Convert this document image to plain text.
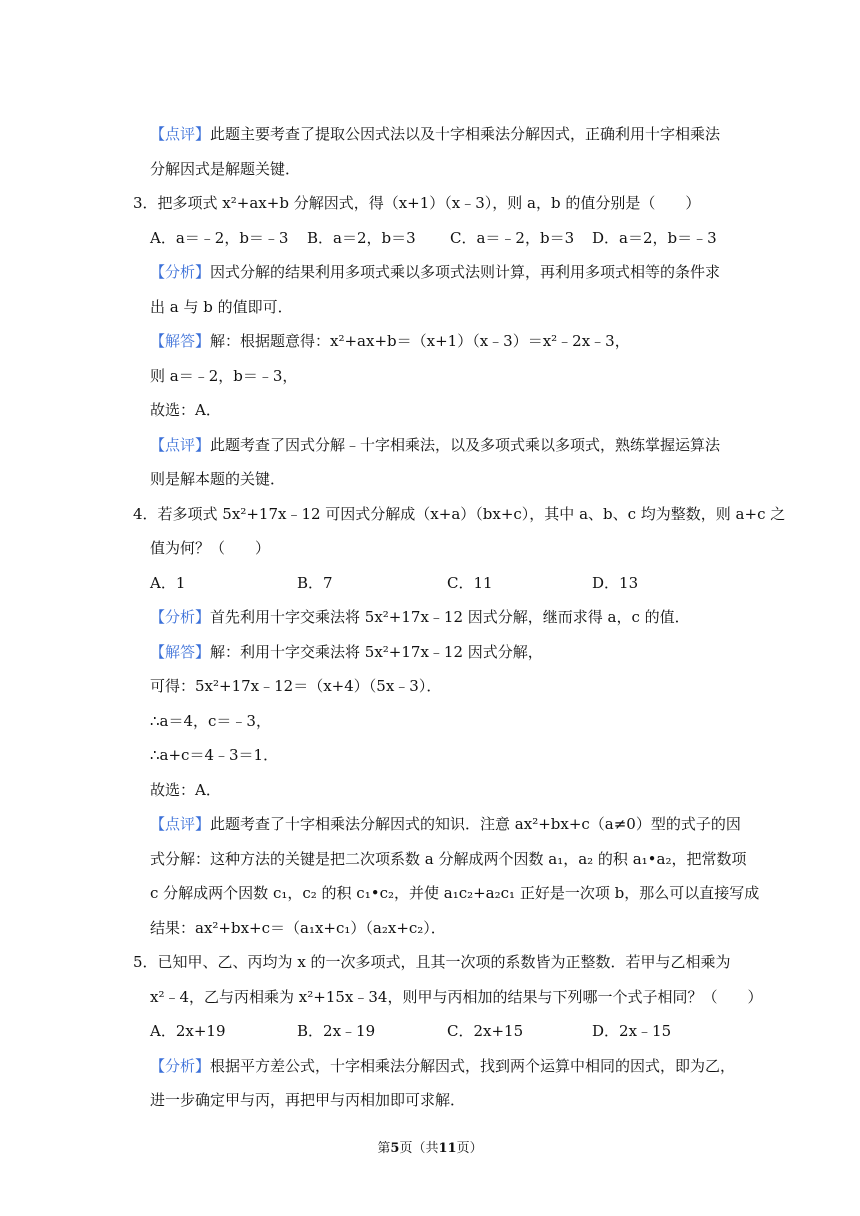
【点评】此题主要考查了提取公因式法以及十字相乘法分解因式，正确利用十字相乘法
分解因式是解题关键．
3．把多项式 x²+ax+b 分解因式，得（x+1）（x﹣3），则 a，b 的值分别是（　　）
A．a＝﹣2，b＝﹣3 B．a＝2，b＝3 C．a＝﹣2，b＝3 D．a＝2，b＝﹣3
【分析】因式分解的结果利用多项式乘以多项式法则计算，再利用多项式相等的条件求
出 a 与 b 的值即可．
【解答】解：根据题意得：x²+ax+b＝（x+1）（x﹣3）＝x²﹣2x﹣3，
则 a＝﹣2，b＝﹣3，
故选：A．
【点评】此题考查了因式分解﹣十字相乘法，以及多项式乘以多项式，熟练掌握运算法
则是解本题的关键．
4．若多项式 5x²+17x﹣12 可因式分解成（x+a）（bx+c），其中 a、b、c 均为整数，则 a+c 之
值为何？（　　）
A．1	B．7	C．11	D．13
【分析】首先利用十字交乘法将 5x²+17x﹣12 因式分解，继而求得 a，c 的值．
【解答】解：利用十字交乘法将 5x²+17x﹣12 因式分解，
可得：5x²+17x﹣12＝（x+4）（5x﹣3）．
∴a＝4，c＝﹣3，
∴a+c＝4﹣3＝1．
故选：A．
【点评】此题考查了十字相乘法分解因式的知识．注意 ax²+bx+c（a≠0）型的式子的因
式分解：这种方法的关键是把二次项系数 a 分解成两个因数 a₁，a₂ 的积 a₁•a₂，把常数项
c 分解成两个因数 c₁，c₂ 的积 c₁•c₂，并使 a₁c₂+a₂c₁ 正好是一次项 b，那么可以直接写成
结果：ax²+bx+c＝（a₁x+c₁）（a₂x+c₂）．
5．已知甲、乙、丙均为 x 的一次多项式，且其一次项的系数皆为正整数．若甲与乙相乘为
x²﹣4，乙与丙相乘为 x²+15x﹣34，则甲与丙相加的结果与下列哪一个式子相同？（　　）
A．2x+19	B．2x﹣19	C．2x+15	D．2x﹣15
【分析】根据平方差公式，十字相乘法分解因式，找到两个运算中相同的因式，即为乙，
进一步确定甲与丙，再把甲与丙相加即可求解．
第5页（共11页）
